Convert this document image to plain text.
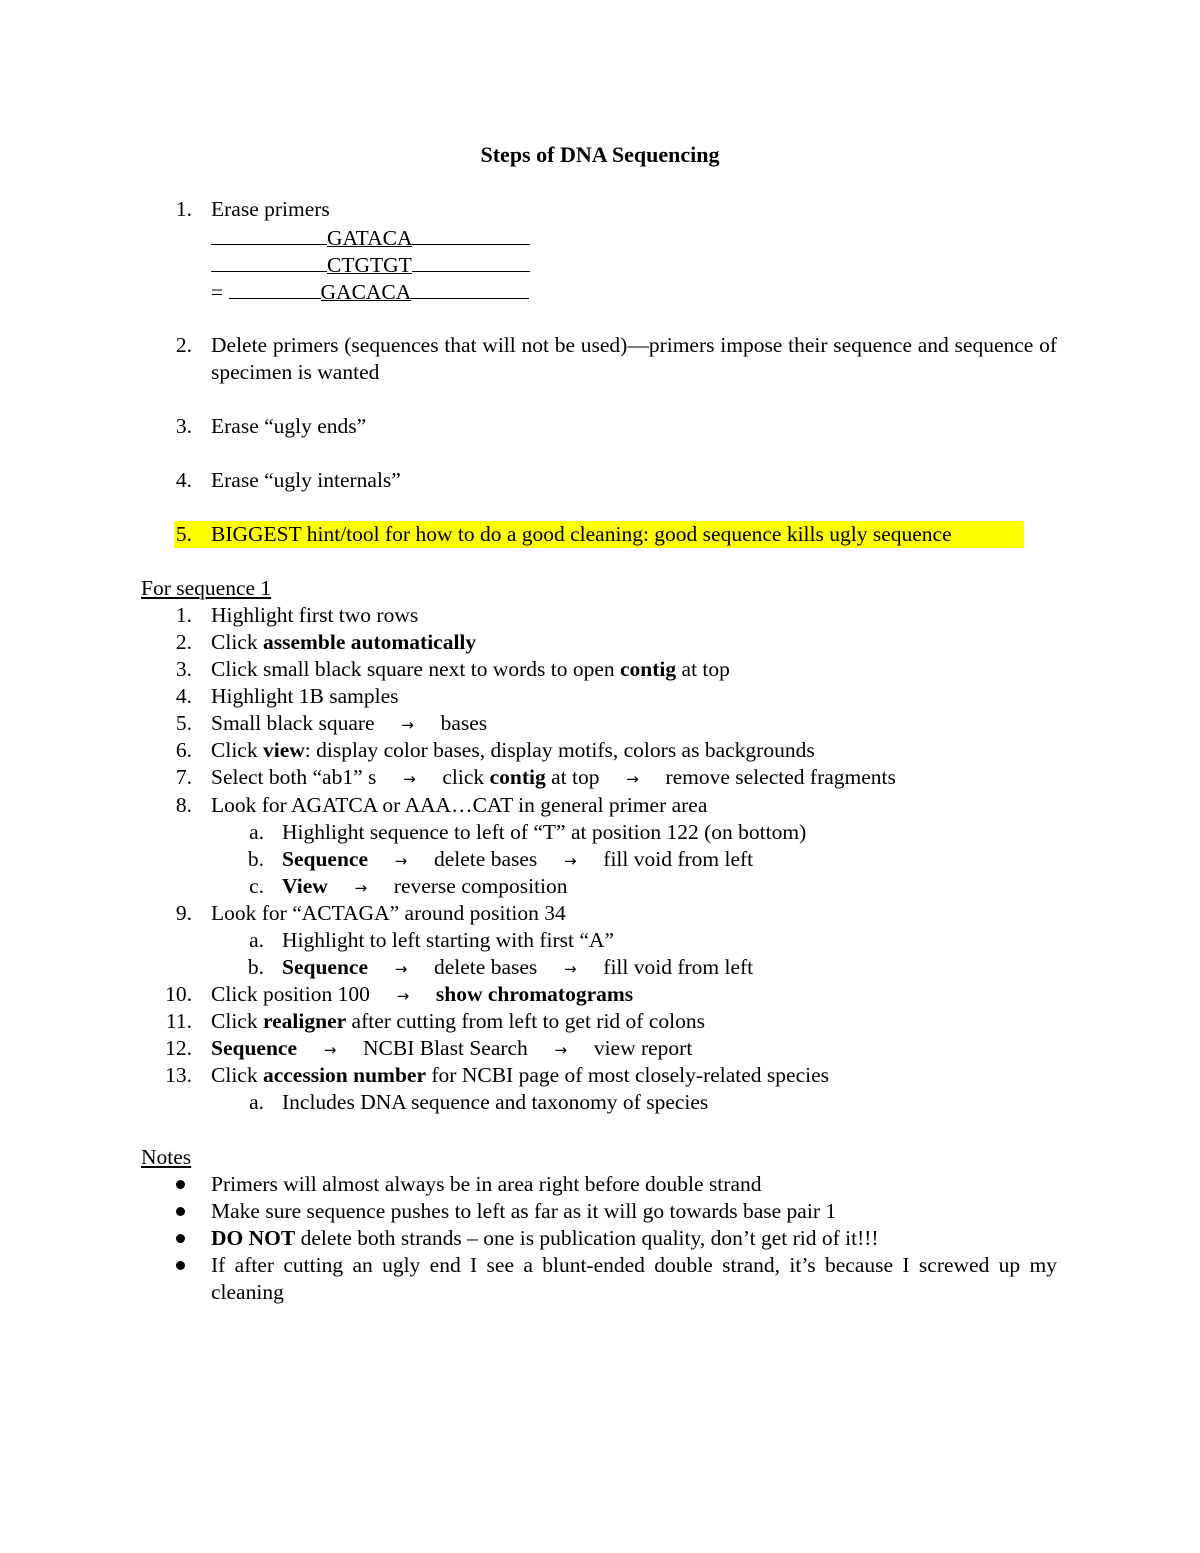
Steps of DNA Sequencing
1. Erase primers
GATACA
CTGTGT
=	GACACA
2. Delete primers (sequences that will not be used)—primers impose their sequence and sequence of specimen is wanted
3. Erase “ugly ends”
4. Erase “ugly internals”
5. BIGGEST hint/tool for how to do a good cleaning: good sequence kills ugly sequence
For sequence 1
1. Highlight first two rows
2. Click assemble automatically
3. Click small black square next to words to open contig at top
4. Highlight 1B samples
5. Small black square → bases
6. Click view: display color bases, display motifs, colors as backgrounds
7. Select both “ab1” s → click contig at top → remove selected fragments
8. Look for AGATCA or AAA…CAT in general primer area
a. Highlight sequence to left of “T” at position 122 (on bottom)
b. Sequence → delete bases → fill void from left
c. View → reverse composition
9. Look for “ACTAGA” around position 34
a. Highlight to left starting with first “A”
b. Sequence → delete bases → fill void from left
10. Click position 100 → show chromatograms
11. Click realigner after cutting from left to get rid of colons
12. Sequence → NCBI Blast Search → view report
13. Click accession number for NCBI page of most closely-related species
a. Includes DNA sequence and taxonomy of species
Notes
Primers will almost always be in area right before double strand
Make sure sequence pushes to left as far as it will go towards base pair 1
DO NOT delete both strands – one is publication quality, don’t get rid of it!!!
If after cutting an ugly end I see a blunt-ended double strand, it’s because I screwed up my cleaning
